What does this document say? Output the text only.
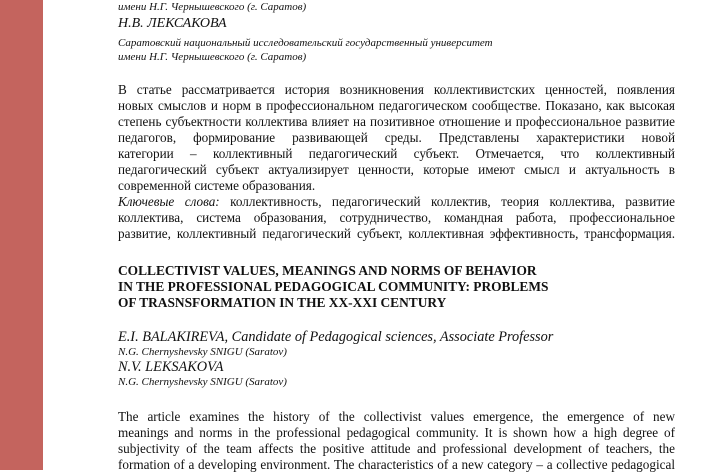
имени Н.Г. Чернышевского (г. Саратов)

Н.В. ЛЕКСАКОВА

Саратовский национальный исследовательский государственный университет

имени Н.Г. Чернышевского (г. Саратов)

В статье рассматривается история возникновения коллективистских ценностей, появления
новых смыслов и норм в профессиональном педагогическом сообществе. Показано, как высокая
степень субъектности коллектива влияет на позитивное отношение и профессиональное развитие
педагогов, формирование развивающей среды. Представлены характеристики новой
категории – коллективный педагогический субъект. Отмечается, что коллективный
педагогический субъект актуализирует ценности, которые имеют смысл и актуальность в
современной системе образования.
Ключевые слова: коллективность, педагогический коллектив, теория коллектива, развитие
коллектива, система образования, сотрудничество, командная работа, профессиональное
развитие, коллективный педагогический субъект, коллективная эффективность, трансформация.

COLLECTIVIST VALUES, MEANINGS AND NORMS OF BEHAVIOR

IN THE PROFESSIONAL PEDAGOGICAL COMMUNITY: PROBLEMS

OF TRASNSFORMATION IN THE XX-XXI CENTURY

E.I. BALAKIREVA, Candidate of Pedagogical sciences, Associate Professor

N.G. Chernyshevsky SNIGU (Saratov)

N.V. LEKSAKOVA

N.G. Chernyshevsky SNIGU (Saratov)

The article examines the history of the collectivist values emergence, the emergence of new
meanings and norms in the professional pedagogical community. It is shown how a high degree of
subjectivity of the team affects the positive attitude and professional development of teachers, the
formation of a developing environment. The characteristics of a new category – a collective pedagogical
